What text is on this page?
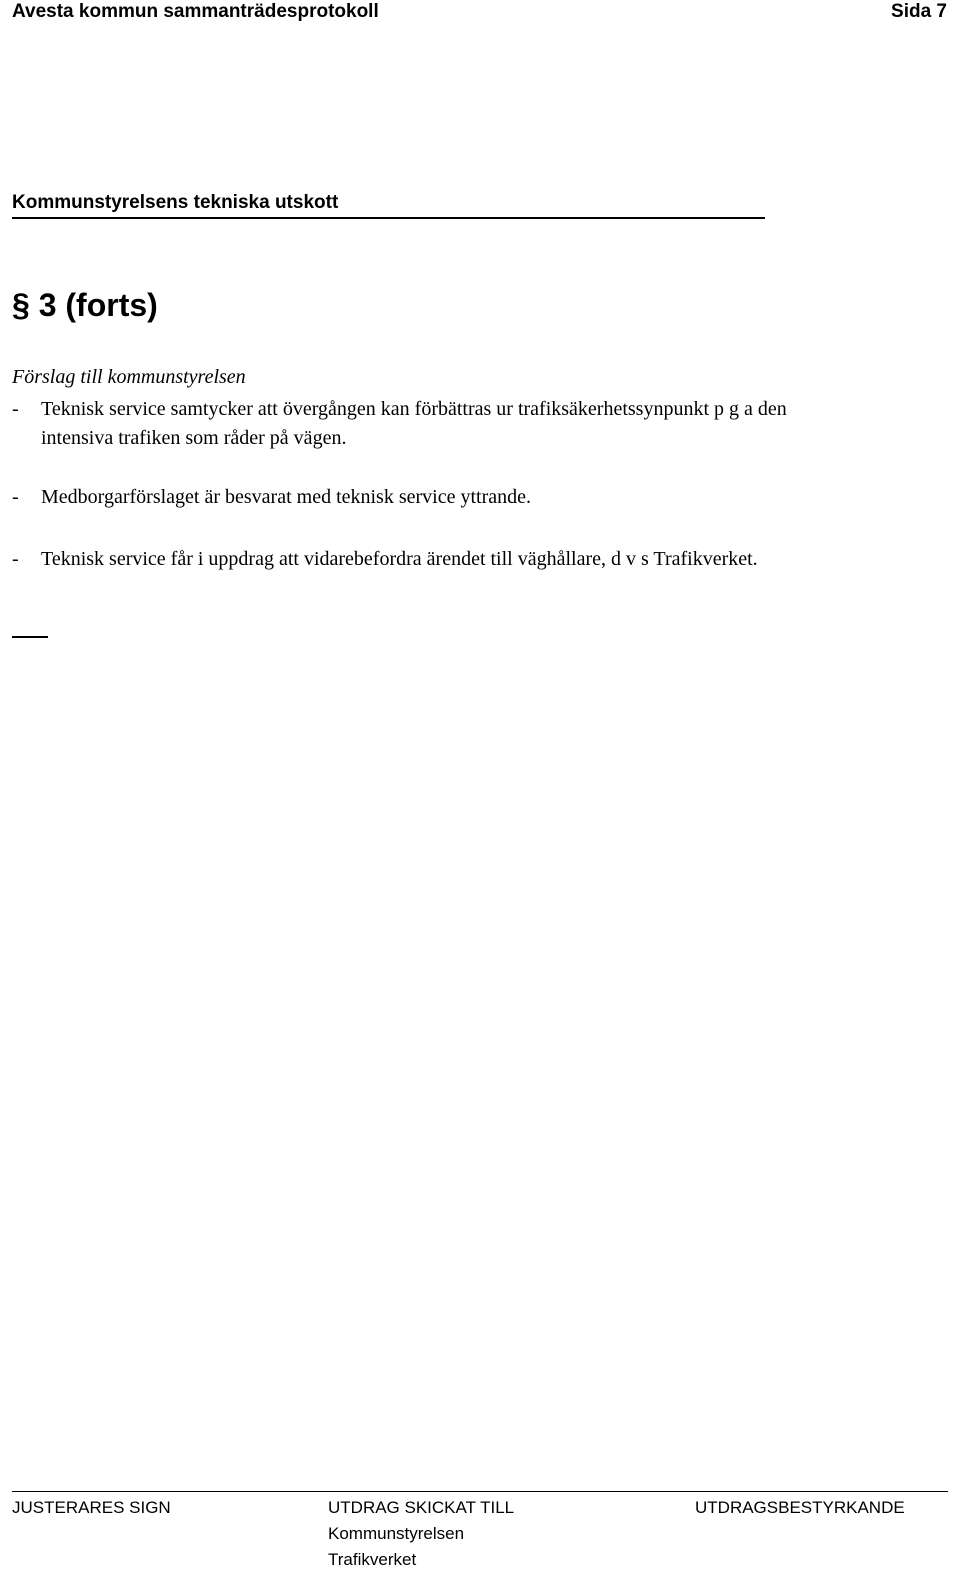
Avesta kommun sammanträdesprotokoll	Sida 7
Kommunstyrelsens tekniska utskott
§ 3 (forts)
Förslag till kommunstyrelsen
- Teknisk service samtycker att övergången kan förbättras ur trafiksäkerhetssynpunkt p g a den
intensiva trafiken som råder på vägen.
- Medborgarförslaget är besvarat med teknisk service yttrande.
- Teknisk service får i uppdrag att vidarebefordra ärendet till väghållare, d v s Trafikverket.
JUSTERARES SIGN	UTDRAG SKICKAT TILL
Kommunstyrelsen
Trafikverket
UTDRAGSBESTYRKANDE
